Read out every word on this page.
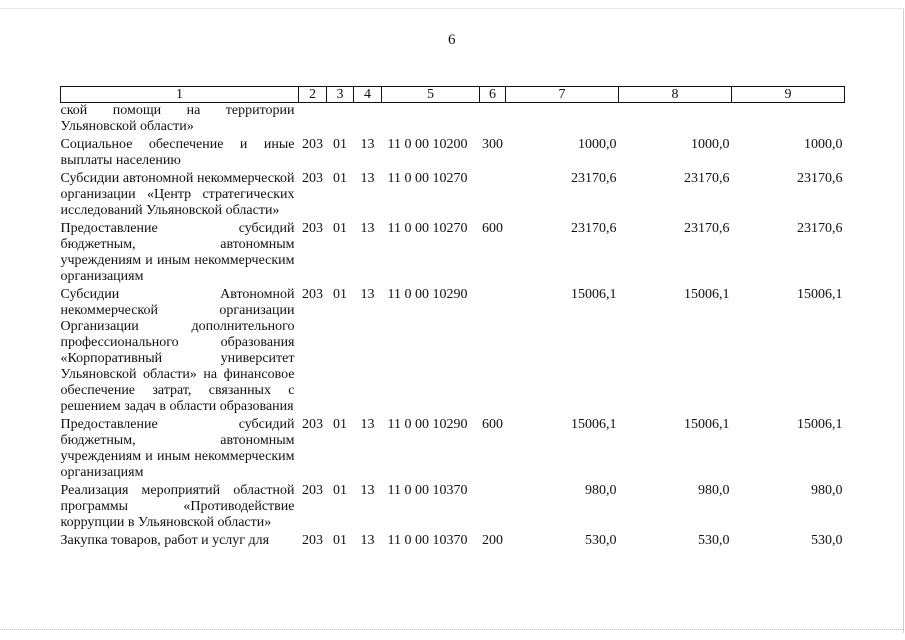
6
1	2	3	4	5	6	7	8	9
ской помощи на территории Ульяновской области»								
Социальное обеспечение и иные выплаты населению	203	01	13	11 0 00 10200	300	1000,0	1000,0	1000,0
Субсидии автономной некоммерческой организации «Центр стратегических исследований Ульяновской области»	203	01	13	11 0 00 10270		23170,6	23170,6	23170,6
Предоставление субсидий бюджетным, автономным учреждениям и иным некоммерческим организациям	203	01	13	11 0 00 10270	600	23170,6	23170,6	23170,6
Субсидии Автономной некоммерческой организации Организации дополнительного профессионального образования «Корпоративный университет Ульяновской области» на финансовое обеспечение затрат, связанных с решением задач в области образования	203	01	13	11 0 00 10290		15006,1	15006,1	15006,1
Предоставление субсидий бюджетным, автономным учреждениям и иным некоммерческим организациям	203	01	13	11 0 00 10290	600	15006,1	15006,1	15006,1
Реализация мероприятий областной программы «Противодействие коррупции в Ульяновской области»	203	01	13	11 0 00 10370		980,0	980,0	980,0
Закупка товаров, работ и услуг для	203	01	13	11 0 00 10370	200	530,0	530,0	530,0
